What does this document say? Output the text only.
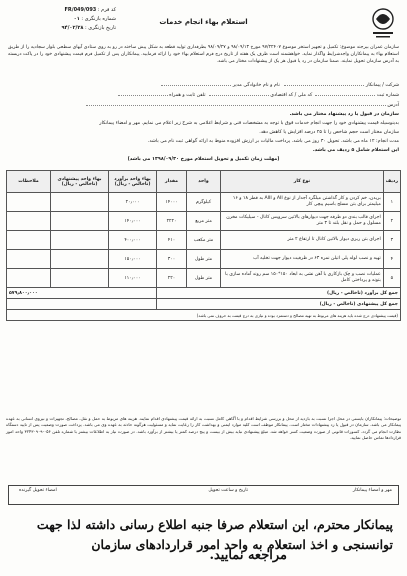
استعلام بهاء انجام خدمات
کد فرم : FR/049/093
شماره بازنگری : ۰۱
تاریخ بازنگری : ۹۴/۰۲/۲۸
سازمان عمران بیرجند موضوع: تکمیل و تجهیز استخر موضوع ۹۷/۲۲۴۰۷ مورخ ۹۸/۰۹/۱۳ و ۹۸/۰۹/۲۷ بطرفداری تولید قطعه به شکل پیش ساخته در رو به روی ستادی آبهای سطحی بلوار سجادیه را از طریق استعلام بهاء به پیمانکاران واجدشرایط واگذار نماید. خواهشمند است ظرف یک هفته از تاریخ درج فرم استعلام بهاء خود را ارائه فرمایید. پیمانکاران پس از تکمیل فرم قیمت پیشنهادی خود را در پاکت دربسته به آدرس سازمان تحویل نمایند. ضمنا سازمان در رد یا قبول هر یک از پیشنهادات مختار می باشد.
شرکت / پیمانکار    نام و نام خانوادگی مدیر
شماره ثبت   کد ملی / کد اقتصادی   تلفن ثابت و همراه
آدرس
سازمان در قبول یا رد پیشنهاد مختار می باشد.
بدینوسیله قیمت پیشنهادی خود را جهت انجام خدمات فوق با توجه به مشخصات فنی و شرایط اعلامی به شرح زیر اعلام می نمایم. مهر و امضاء پیمانکار
سازمان مختار است حجم شاخص را تا ۲۵ درصد افزایش یا کاهش دهد.
مدت انجام: ۱۲ ماه می باشد. تحویل ۳۰ روز می باشد. پرداخت مالیات بر ارزش افزوده منوط به ارائه گواهی ثبت نام می باشد.
این استعلام شامل ۵ ردیف می باشد.
(مهلت زمان تکمیل و تحویل استعلام مورخ ۱۳۹۸/۰۹/۳۰ می باشد)
ردیف	نوع کار	واحد	مقدار	بهاء واحد برآورد (ناخالص - ریال)	بهاء واحد پیشنهادی (ناخالص - ریال)	ملاحظات
۱	بریدن، خم کردن و کار گذاشتن میلگرد آجدار از نوع AII و AIII به قطر ۱۸ و ۱۶ میلیمتر برای بتن مسلح باسیم پیچی کار	کیلوگرم	۱۴۰۰۰	۲۰٫۰۰۰		
۲	اجرای قالب بندی دو طرفه جهت دیوارهای بالاتین سرویس کانال - سیلیکات مخزن مسلول و حمل و نقل بلند تا ۳ متر	متر مربع	۲۲۲۰	۱۴۰٫۰۰۰		
۳	اجرای بتن ریزی دیوار بالاتین کانال تا ارتفاع ۲ متر	متر مکعب	۴۱۰	۴۰۰٫۰۰۰		
۴	تهیه و نصب لوله پلی اتیلن نمره ۶۳ در ظرفیت دیوار جهت تخلیه آب	متر طول	۳۰۰	۱۵۰٫۰۰۰		
۵	عملیات نصب و چک بازکاری با آهن نشی به ابعاد ۱۵۰*۱۵۰ سم روند آماده سازی با بتونه و پرداختی کامل	متر طول	۲۲۰	۱۱۰٫۰۰۰		
جمع کل برآورد (ناخالص - ریال)				۵۷۹٫۸۰۰٫۰۰۰		
جمع کل پیشنهادی (ناخالص - ریال)						
(قیمت پیشنهادی درج شده باید هزینه های مربوط به تهیه مصالح و دستمزد بوده و نیازی به درج قیمت به حروف نمی باشد)						
توضیحات: پیمانکاران بایستی در محل اجرا نسبت به بازدید از محل و بررسی شرایط اقدام و با آگاهی کامل نسبت به ارائه قیمت پیشنهادی اقدام نمایند. هزینه های مربوط به حمل و نقل، مصالح، تجهیزات و نیروی انسانی به عهده پیمانکار می باشد. سازمان در قبول یا رد پیشنهادات مختار است. پیمانکار موظف است کلیه موارد ایمنی و بهداشت کار را رعایت نماید و مسئولیت هرگونه حادثه به عهده وی می باشد. پرداخت صورت وضعیت پس از تایید دستگاه نظارت انجام می گردد. کسورات قانونی از صورت وضعیت کسر خواهد شد. مبلغ پیشنهادی نباید بیش از بیست و پنج درصد کمتر یا بیشتر از برآورد باشد. در صورت نیاز به اطلاعات بیشتر با شماره تلفن ۰۵۶-۳۲۴۳۰۹۰۹ واحد امور قراردادها تماس حاصل نمایید.
مهر و امضاء پیمانکار
تاریخ و ساعت تحویل
امضاء تحویل گیرنده
پیمانکار محترم، این استعلام صرفا جنبه اطلاع رسانی داشته لذا جهت توانسنجی و اخذ استعلام به واحد امور قراردادهای سازمان
مراجعه نمایید.
